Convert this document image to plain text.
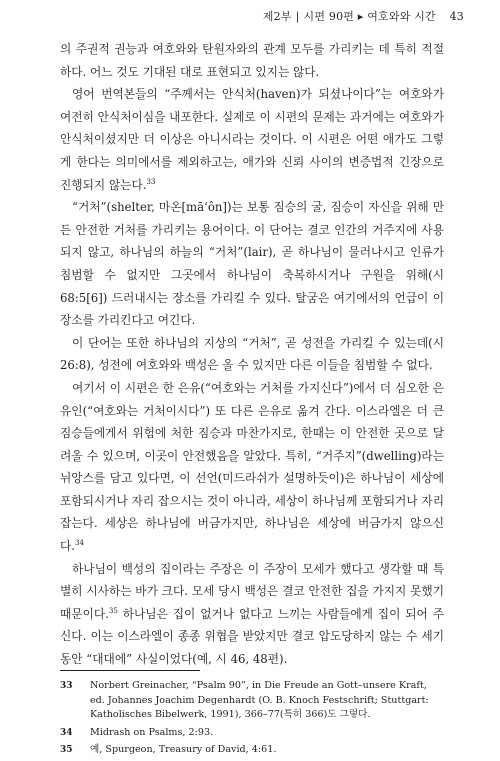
제2부 | 시편 90편 ▸ 여호와와 시간 43

의 주권적 권능과 여호와와 탄원자와의 관계 모두를 가리키는 데 특히 적절하다. 어느 것도 기대된 대로 표현되고 있지는 않다.

영어 번역본들의 “주께서는 안식처(haven)가 되셨나이다”는 여호와가 여전히 안식처이심을 내포한다. 실제로 이 시편의 문제는 과거에는 여호와가 안식처이셨지만 더 이상은 아니시라는 것이다. 이 시편은 어떤 애가도 그렇게 한다는 의미에서를 제외하고는, 애가와 신뢰 사이의 변증법적 긴장으로 진행되지 않는다.$^{33}$

“거처”(shelter, 마온[mā‘ôn])는 보통 짐승의 굴, 짐승이 자신을 위해 만든 안전한 거처를 가리키는 용어이다. 이 단어는 결코 인간의 거주지에 사용되지 않고, 하나님의 하늘의 “거처”(lair), 곧 하나님이 물러나시고 인류가 침범할 수 없지만 그곳에서 하나님이 축복하시거나 구원을 위해(시 68:5[6]) 드러내시는 장소를 가리킬 수 있다. 탈굼은 여기에서의 언급이 이 장소를 가리킨다고 여긴다.

이 단어는 또한 하나님의 지상의 “거처”, 곧 성전을 가리킬 수 있는데(시 26:8), 성전에 여호와와 백성은 올 수 있지만 다른 이들을 침범할 수 없다.

여기서 이 시편은 한 은유(“여호와는 거처를 가지신다”)에서 더 심오한 은유인(“여호와는 거처이시다”) 또 다른 은유로 옮겨 간다. 이스라엘은 더 큰 짐승들에게서 위험에 처한 짐승과 마찬가지로, 한때는 이 안전한 곳으로 달려올 수 있으며, 이곳이 안전했음을 알았다. 특히, “거주지”(dwelling)라는 뉘앙스를 담고 있다면, 이 선언(미드라쉬가 설명하듯이)은 하나님이 세상에 포함되시거나 자리 잡으시는 것이 아니라, 세상이 하나님께 포함되거나 자리 잡는다. 세상은 하나님에 버금가지만, 하나님은 세상에 버금가지 않으신다.$^{34}$

하나님이 백성의 집이라는 주장은 이 주장이 모세가 했다고 생각할 때 특별히 시사하는 바가 크다. 모세 당시 백성은 결코 안전한 집을 가지지 못했기 때문이다.$^{35}$ 하나님은 집이 없거나 없다고 느끼는 사람들에게 집이 되어 주신다. 이는 이스라엘이 종종 위협을 받았지만 결코 압도당하지 않는 수 세기 동안 “대대에” 사실이었다(예, 시 46, 48편).

33	Norbert Greinacher, “Psalm 90”, in Die Freude an Gott–unsere Kraft, ed. Johannes Joachim Degenhardt (O. B. Knoch Festschrift; Stuttgart: Katholisches Bibelwerk, 1991), 366–77(특히 366)도 그렇다.
34	Midrash on Psalms, 2:93.
35	예, Spurgeon, Treasury of David, 4:61.
